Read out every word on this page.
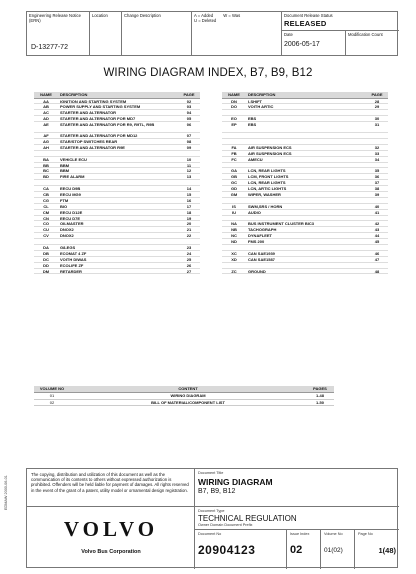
Engineering Release Notice (ERN)
D-13277-72
Location	Change Description	A = Added W = Was
U = Deleted
Document Release Status
RELEASED
Date
2006-05-17
Modification Count
WIRING DIAGRAM INDEX, B7, B9, B12
NAME	DESCRIPTION	PAGE
AA	IGNITION AND STARTING SYSTEM	02
AB	POWER SUPPLY AND STARTING SYSTEM	03
AC	STARTER AND ALTERNATOR	04
AD	STARTER AND ALTERNATOR FOR MD7	05
AE	STARTER AND ALTERNATOR FOR R9, R9TL, R9B	06
AF	STARTER AND ALTERNATOR FOR MD12	07
AG	STAR/STOP SWITCHES REAR	08
AH	STARTER AND ALTERNATOR R9E	09
BA	VEHICLE ECU	10
BB	BBM	11
BC	BBM	12
BD	FIRE ALARM	13
CA	EECU D9B	14
CB	EECU MG9	15
CG	FTM	16
CL	BIO	17
CM	EECU D12E	18
CN	EECU D7E	19
CO	OILMASTER	20
CU	DNOX2	21
CV	DNOX2	22
DA	G8-EGS	23
DB	ECOMAT 4 ZF	24
DC	VOITH DIWAS	25
DD	ECOLIFE ZF	26
DM	RETARDER	27
NAME	DESCRIPTION	PAGE
DN	I-SHIFT	28
DO	VOITH ARTIC	29
EO	EBS	30
EP	EBS	31
FA	AIR SUSPENSION ECS	32
FB	AIR SUSPENSION ECS	33
FC	AMECU	34
GA	LCN, REAR LIGHTS	35
GB	LCM, FRONT LIGHTS	36
GC	LCN, REAR LIGHTS	37
GD	LCN, ARTIC LIGHTS	38
GM	WIPER, WASHER	39
IS	SWM,SRS / HORN	40
IU	AUDIO	41
NA	BUS INSTRUMENT CLUSTER BIC3	42
NB	TACHOGRAPH	43
NC	DYNAFLEET	44
ND	FMS 200	45
XC	CAN SAE1939	46
XD	CAN SAE1587	47
ZC	GROUND	48
VOLUME NO	CONTENT	PAGES
01	WIRING DIAGRAM	1-48
02	BILL OF MATERIAL/COMPONENT LIST	1-50
The copying, distribution and utilization of this document as well as the communication of its contents to others without expressed authorization is prohibited. Offenders will be held liable for payment of damages. All rights reserved in the event of the grant of a patent, utility model or ornamental design registration.
VOLVO
Volvo Bus Corporation
Document Title
WIRING DIAGRAM
B7, B9, B12
Document Type
TECHNICAL REGULATION
Owner Domain Document Prefix
Document No
20904123
Issue Index
02
Volume No
01(02)
Page No
1(48)
EDMAW 2000-06-01
